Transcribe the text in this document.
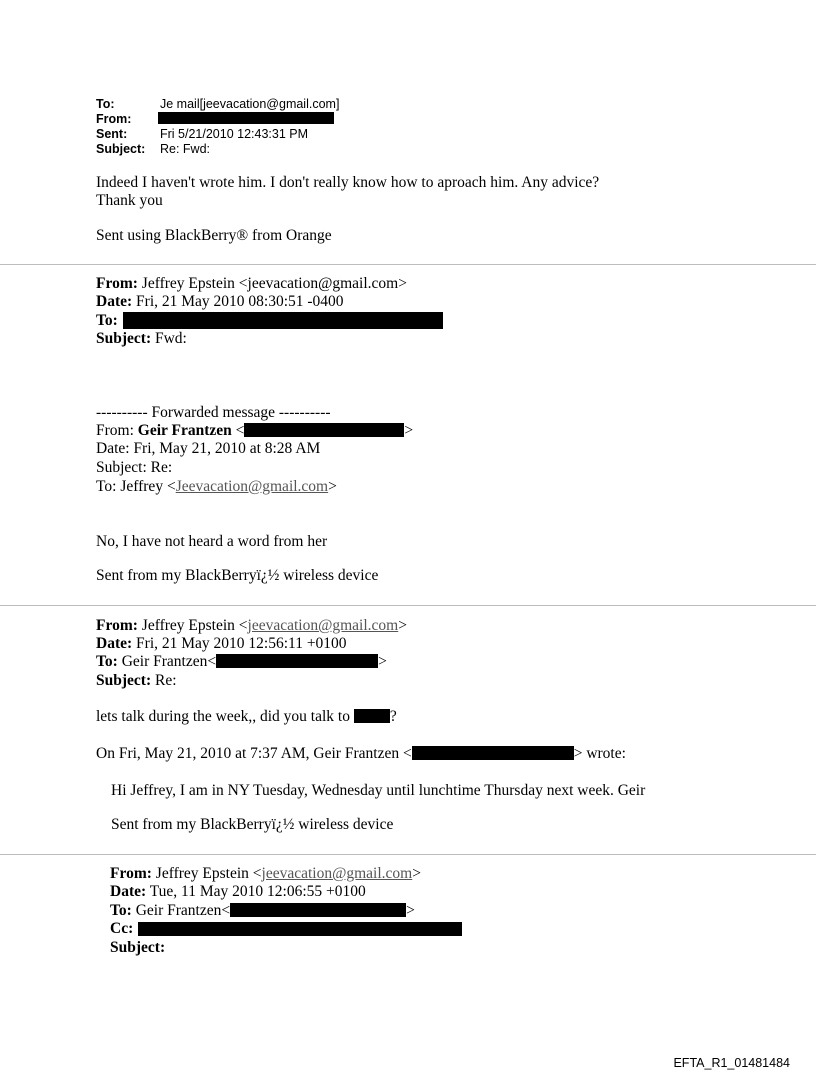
To:	Je mail[jeevacation@gmail.com]
From:
Sent:	Fri 5/21/2010 12:43:31 PM
Subject: Re: Fwd:
Indeed I haven't wrote him. I don't really know how to aproach him. Any advice?
Thank you
Sent using BlackBerry® from Orange
From: Jeffrey Epstein <jeevacation@gmail.com>
Date: Fri, 21 May 2010 08:30:51 -0400
To:
Subject: Fwd:
---------- Forwarded message ----------
From: Geir Frantzen <	>
Date: Fri, May 21, 2010 at 8:28 AM
Subject: Re:
To: Jeffrey <Jeevacation@gmail.com>
No, I have not heard a word from her
Sent from my BlackBerryï¿½ wireless device
From: Jeffrey Epstein <jeevacation@gmail.com>
Date: Fri, 21 May 2010 12:56:11 +0100
To: Geir Frantzen<	>
Subject: Re:
lets talk during the week,, did you talk to ?
On Fri, May 21, 2010 at 7:37 AM, Geir Frantzen <	> wrote:
Hi Jeffrey, I am in NY Tuesday, Wednesday until lunchtime Thursday next week. Geir
Sent from my BlackBerryï¿½ wireless device
From: Jeffrey Epstein <jeevacation@gmail.com>
Date: Tue, 11 May 2010 12:06:55 +0100
To: Geir Frantzen<	>
Cc:
Subject:
EFTA_R1_01481484
